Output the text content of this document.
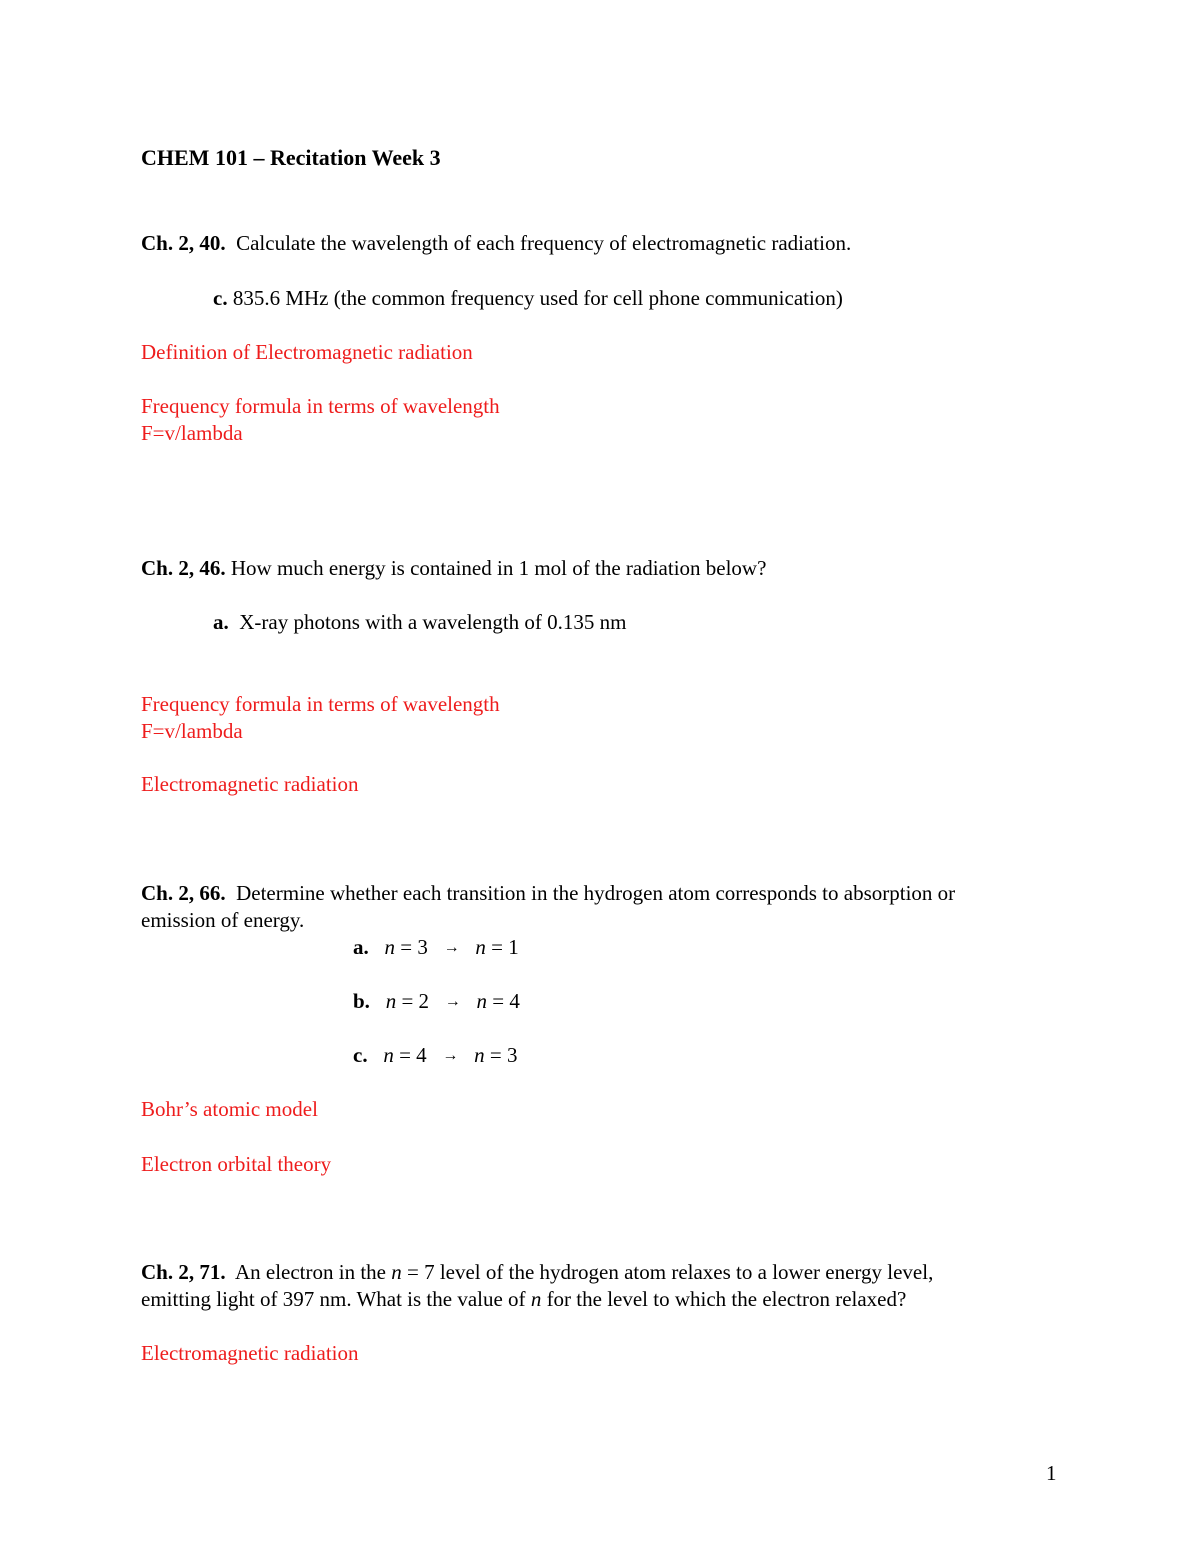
CHEM 101 – Recitation Week 3
Ch. 2, 40. Calculate the wavelength of each frequency of electromagnetic radiation.
c. 835.6 MHz (the common frequency used for cell phone communication)
Definition of Electromagnetic radiation
Frequency formula in terms of wavelength
F=v/lambda
Ch. 2, 46. How much energy is contained in 1 mol of the radiation below?
a. X-ray photons with a wavelength of 0.135 nm
Frequency formula in terms of wavelength
F=v/lambda
Electromagnetic radiation
Ch. 2, 66. Determine whether each transition in the hydrogen atom corresponds to absorption or
emission of energy.
a. n = 3 → n = 1
b. n = 2 → n = 4
c. n = 4 → n = 3
Bohr’s atomic model
Electron orbital theory
Ch. 2, 71. An electron in the n = 7 level of the hydrogen atom relaxes to a lower energy level,
emitting light of 397 nm. What is the value of n for the level to which the electron relaxed?
Electromagnetic radiation
1
